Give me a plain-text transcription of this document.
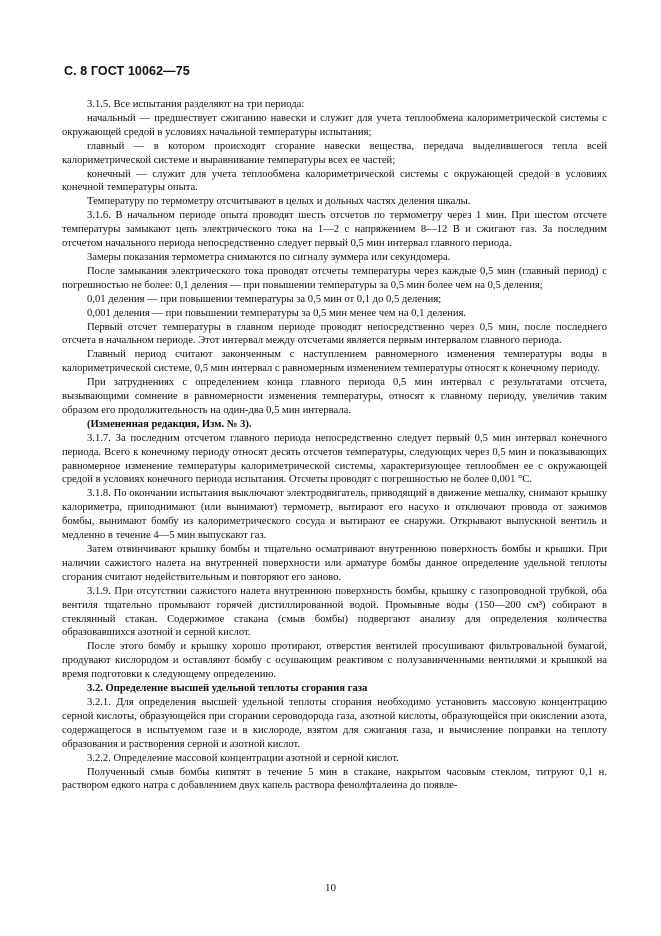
С. 8 ГОСТ 10062—75

3.1.5. Все испытания разделяют на три периода:

начальный — предшествует сжиганию навески и служит для учета теплообмена калориметрической системы с окружающей средой в условиях начальной температуры испытания;

главный — в котором происходят сгорание навески вещества, передача выделившегося тепла всей калориметрической системе и выравнивание температуры всех ее частей;

конечный — служит для учета теплообмена калориметрической системы с окружающей средой в условиях конечной температуры опыта.

Температуру по термометру отсчитывают в целых и дольных частях деления шкалы.

3.1.6. В начальном периоде опыта проводят шесть отсчетов по термометру через 1 мин. При шестом отсчете температуры замыкают цепь электрического тока на 1—2 с напряжением 8—12 В и сжигают газ. За последним отсчетом начального периода непосредственно следует первый 0,5 мин интервал главного периода.

Замеры показания термометра снимаются по сигналу зуммера или секундомера.

После замыкания электрического тока проводят отсчеты температуры через каждые 0,5 мин (главный период) с погрешностью не более: 0,1 деления — при повышении температуры за 0,5 мин более чем на 0,5 деления;

0,01 деления — при повышении температуры за 0,5 мин от 0,1 до 0,5 деления;

0,001 деления — при повышении температуры за 0,5 мин менее чем на 0,1 деления.

Первый отсчет температуры в главном периоде проводят непосредственно через 0,5 мин, после последнего отсчета в начальном периоде. Этот интервал между отсчетами является первым интервалом главного периода.

Главный период считают законченным с наступлением равномерного изменения температуры воды в калориметрической системе, 0,5 мин интервал с равномерным изменением температуры относят к конечному периоду.

При затруднениях с определением конца главного периода 0,5 мин интервал с результатами отсчета, вызывающими сомнение в равномерности изменения температуры, относят к главному периоду, увеличив таким образом его продолжительность на один-два 0,5 мин интервала.

(Измененная редакция, Изм. № 3).

3.1.7. За последним отсчетом главного периода непосредственно следует первый 0,5 мин интервал конечного периода. Всего к конечному периоду относят десять отсчетов температуры, следующих через 0,5 мин и показывающих равномерное изменение температуры калориметрической системы, характеризующее теплообмен ее с окружающей средой в условиях конечного периода испытания. Отсчеты проводят с погрешностью не более 0,001 °С.

3.1.8. По окончании испытания выключают электродвигатель, приводящий в движение мешалку, снимают крышку калориметра, приподнимают (или вынимают) термометр, вытирают его насухо и отключают провода от зажимов бомбы, вынимают бомбу из калориметрического сосуда и вытирают ее снаружи. Открывают выпускной вентиль и медленно в течение 4—5 мин выпускают газ.

Затем отвинчивают крышку бомбы и тщательно осматривают внутреннюю поверхность бомбы и крышки. При наличии сажистого налета на внутренней поверхности или арматуре бомбы данное определение удельной теплоты сгорания считают недействительным и повторяют его заново.

3.1.9. При отсутствии сажистого налета внутреннюю поверхность бомбы, крышку с газопроводной трубкой, оба вентиля тщательно промывают горячей дистиллированной водой. Промывные воды (150—200 см³) собирают в стеклянный стакан. Содержимое стакана (смыв бомбы) подвергают анализу для определения количества образовавшихся азотной и серной кислот.

После этого бомбу и крышку хорошо протирают, отверстия вентилей просушивают фильтровальной бумагой, продувают кислородом и оставляют бомбу с осушающим реактивом с полузавинченными вентилями и крышкой на время подготовки к следующему определению.

3.2. Определение высшей удельной теплоты сгорания газа

3.2.1. Для определения высшей удельной теплоты сгорания необходимо установить массовую концентрацию серной кислоты, образующейся при сгорании сероводорода газа, азотной кислоты, образующейся при окислении азота, содержащегося в испытуемом газе и в кислороде, взятом для сжигания газа, и вычисление поправки на теплоту образования и растворения серной и азотной кислот.

3.2.2. Определение массовой концентрации азотной и серной кислот.

Полученный смыв бомбы кипятят в течение 5 мин в стакане, накрытом часовым стеклом, титруют 0,1 н. раствором едкого натра с добавлением двух капель раствора фенолфталеина до появле-

10
